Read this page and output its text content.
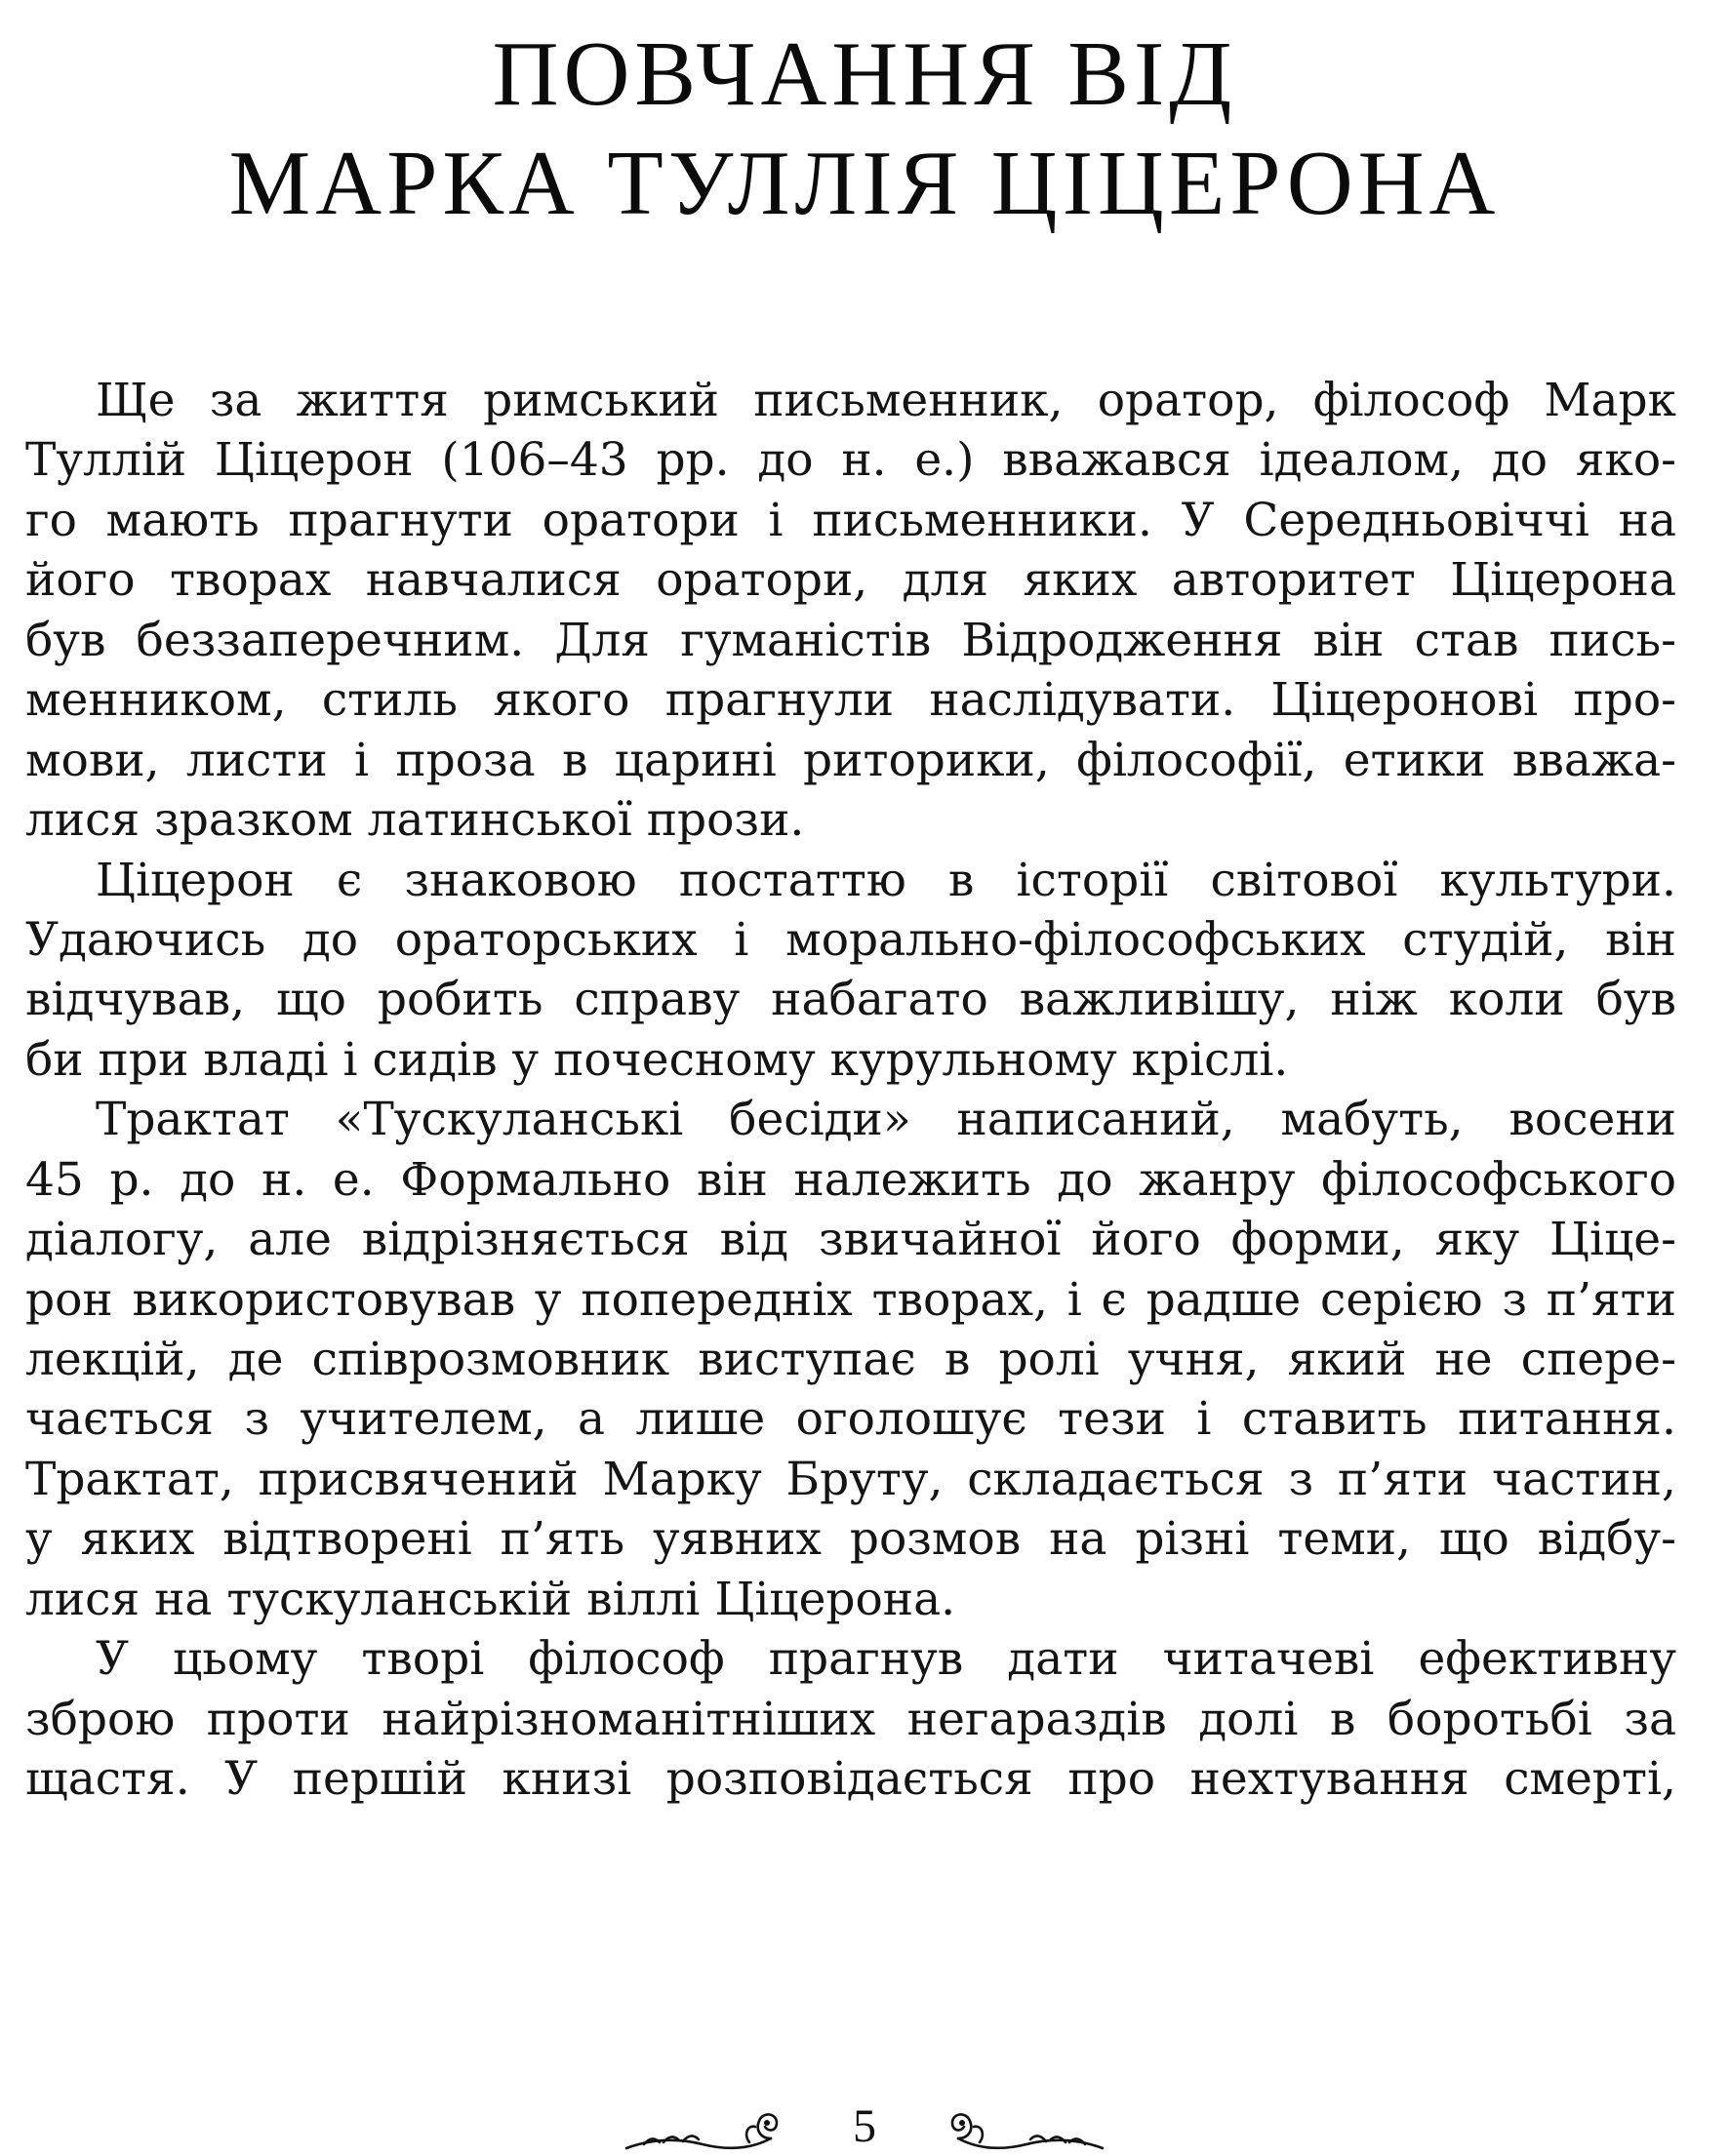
ПОВЧАННЯ ВІД
МАРКА ТУЛЛІЯ ЦІЦЕРОНА
Ще за життя римський письменник, оратор, філософ Марк
Туллій Ціцерон (106–43 рр. до н. е.) вважався ідеалом, до яко-
го мають прагнути оратори і письменники. У Середньовіччі на
його творах навчалися оратори, для яких авторитет Ціцерона
був беззаперечним. Для гуманістів Відродження він став пись-
менником, стиль якого прагнули наслідувати. Ціцеронові про-
мови, листи і проза в царині риторики, філософії, етики вважа-
лися зразком латинської прози.
Ціцерон є знаковою постаттю в історії світової культури.
Удаючись до ораторських і морально-філософських студій, він
відчував, що робить справу набагато важливішу, ніж коли був
би при владі і сидів у почесному курульному кріслі.
Трактат «Тускуланські бесіди» написаний, мабуть, восени
45 р. до н. е. Формально він належить до жанру філософського
діалогу, але відрізняється від звичайної його форми, яку Ціце-
рон використовував у попередніх творах, і є радше серією з п’яти
лекцій, де співрозмовник виступає в ролі учня, який не спере-
чається з учителем, а лише оголошує тези і ставить питання.
Трактат, присвячений Марку Бруту, складається з п’яти частин,
у яких відтворені п’ять уявних розмов на різні теми, що відбу-
лися на тускуланській віллі Ціцерона.
У цьому творі філософ прагнув дати читачеві ефективну
зброю проти найрізноманітніших негараздів долі в боротьбі за
щастя. У першій книзі розповідається про нехтування смерті,
5
